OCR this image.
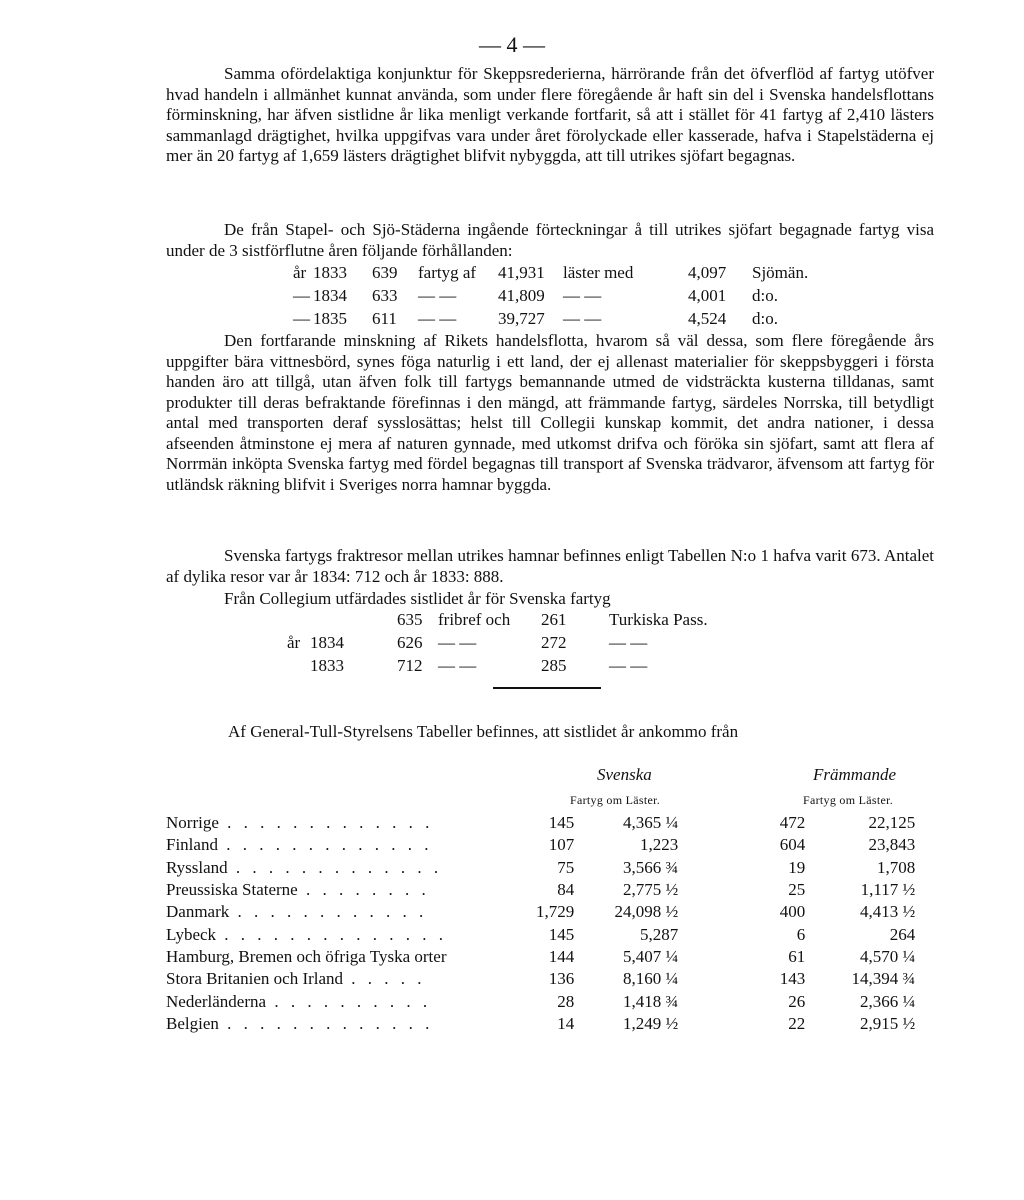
— 4 —

Samma ofördelaktiga konjunktur för Skeppsrederierna, härrörande från det öfverflöd af fartyg utöfver hvad handeln i allmänhet kunnat använda, som under flere föregående år haft sin del i Svenska handelsflottans förminskning, har äfven sistlidne år lika menligt verkande fortfarit, så att i stället för 41 fartyg af 2,410 lästers sammanlagd drägtighet, hvilka uppgifvas vara under året förolyckade eller kasserade, hafva i Stapelstäderna ej mer än 20 fartyg af 1,659 lästers drägtighet blifvit nybyggda, att till utrikes sjöfart begagnas.

De från Stapel- och Sjö-Städerna ingående förteckningar å till utrikes sjöfart begagnade fartyg visa under de 3 sistförflutne åren följande förhållanden:

år 1833 639 fartyg af 41,931 läster med	4,097 Sjömän.
— 1834 633 — — 41,809 — —	4,001 d:o.
— 1835 611 — — 39,727 — —	4,524 d:o.

Den fortfarande minskning af Rikets handelsflotta, hvarom så väl dessa, som flere föregående års uppgifter bära vittnesbörd, synes föga naturlig i ett land, der ej allenast materialier för skeppsbyggeri i första handen äro att tillgå, utan äfven folk till fartygs bemannande utmed de vidsträckta kusterna tilldanas, samt produkter till deras befraktande förefinnas i den mängd, att främmande fartyg, särdeles Norrska, till betydligt antal med transporten deraf sysslosättas; helst till Collegii kunskap kommit, det andra nationer, i dessa afseenden åtminstone ej mera af naturen gynnade, med utkomst drifva och föröka sin sjöfart, samt att flera af Norrmän inköpta Svenska fartyg med fördel begagnas till transport af Svenska trädvaror, äfvensom att fartyg för utländsk räkning blifvit i Sveriges norra hamnar byggda.

Svenska fartygs fraktresor mellan utrikes hamnar befinnes enligt Tabellen N:o 1 hafva varit 673. Antalet af dylika resor var år 1834: 712 och år 1833: 888.

Från Collegium utfärdades sistlidet år för Svenska fartyg

635 fribref och 261	Turkiska Pass.
år 1834	626 — —	272	— —
1833	712 — —	285	— —
Af General-Tull-Styrelsens Tabeller befinnes, att sistlidet år ankommo från
Svenska	Främmande
Fartyg om Läster.	Fartyg om Läster.
Norrige . . . . . . . . . . . . .	145	4,365 ¼	472	22,125
Finland . . . . . . . . . . . . .	107	1,223	604	23,843
Ryssland . . . . . . . . . . . . .	75	3,566 ¾	19	1,708
Preussiska Staterne . . . . . . . .	84	2,775 ½	25	1,117 ½
Danmark . . . . . . . . . . . .	1,729	24,098 ½	400	4,413 ½
Lybeck . . . . . . . . . . . . . .	145	5,287	6	264
Hamburg, Bremen och öfriga Tyska orter	144	5,407 ¼	61	4,570 ¼
Stora Britanien och Irland . . . . .	136	8,160 ¼	143	14,394 ¾
Nederländerna . . . . . . . . . .	28	1,418 ¾	26	2,366 ¼
Belgien . . . . . . . . . . . . .	14	1,249 ½	22	2,915 ½
